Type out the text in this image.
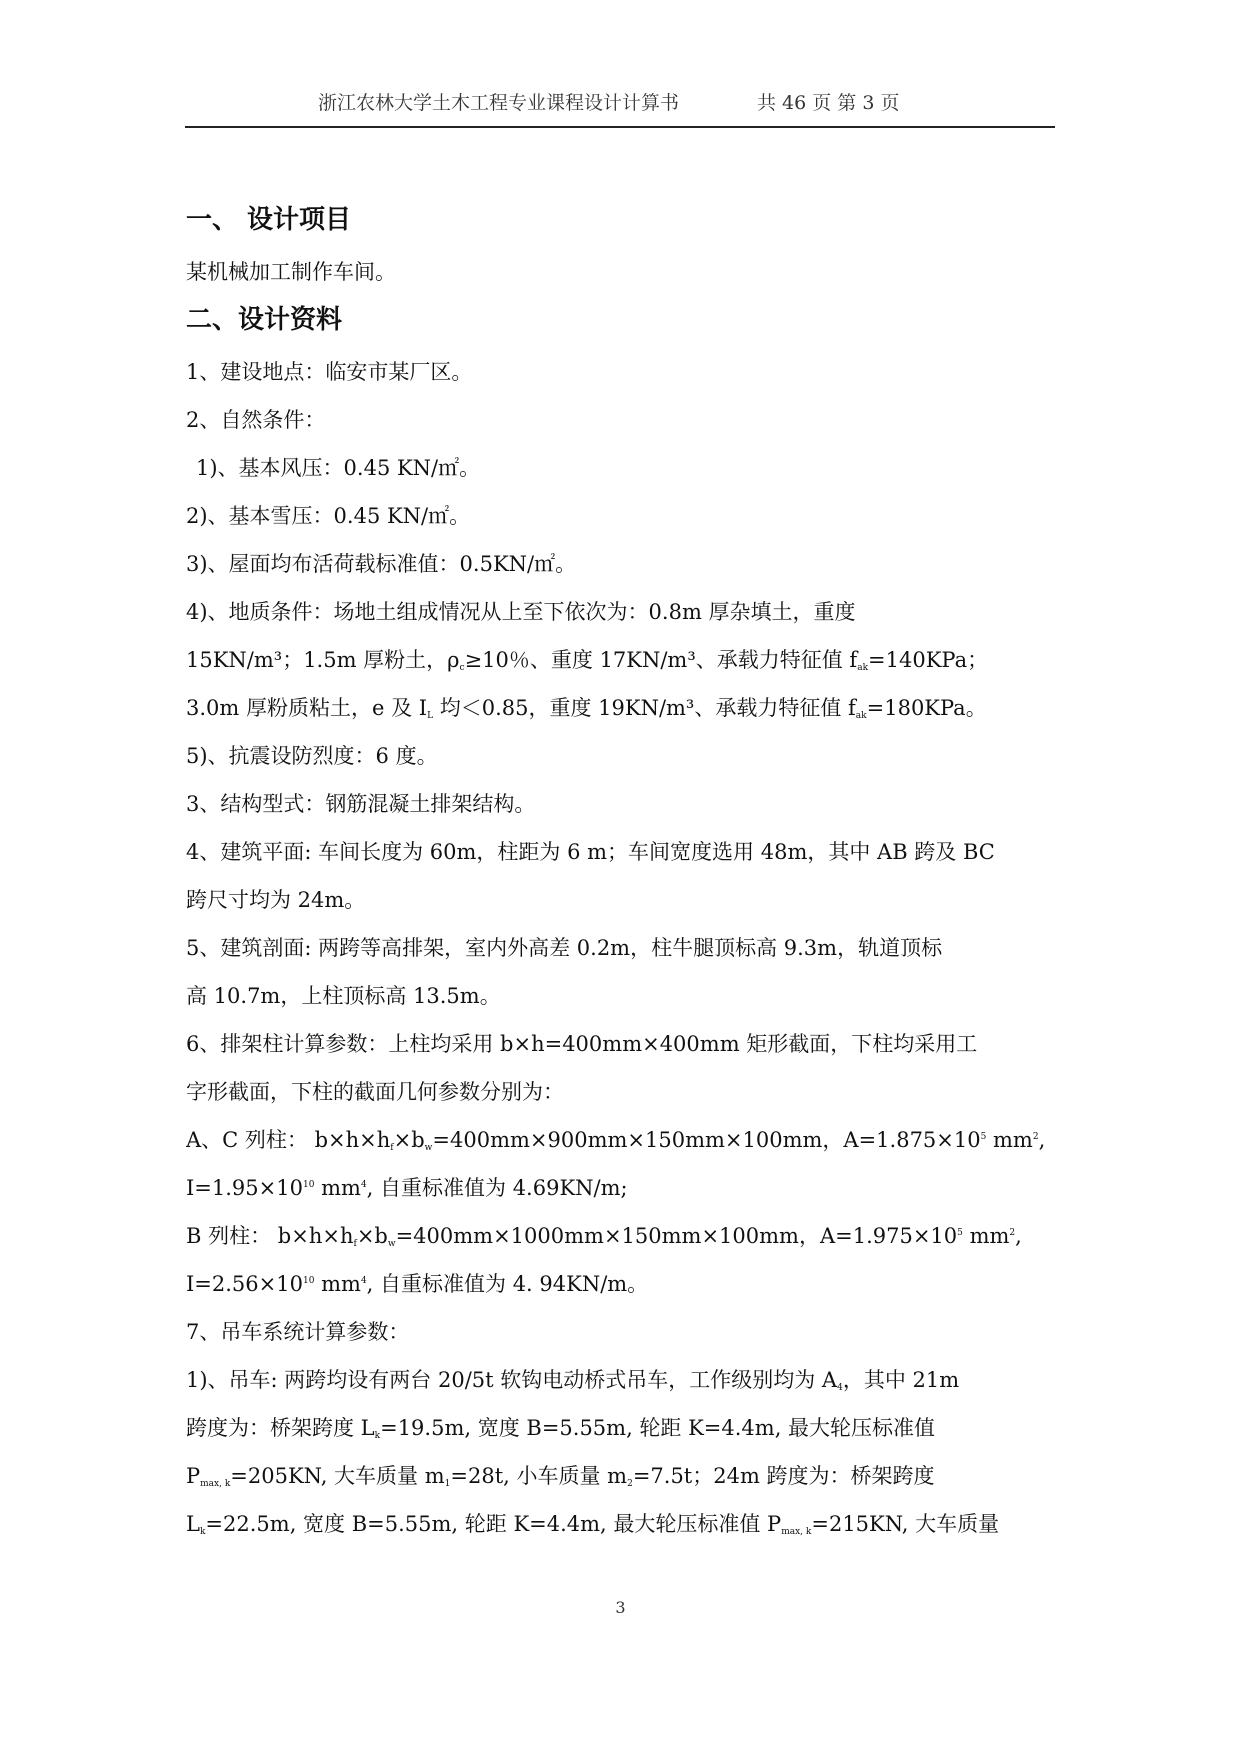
浙江农林大学土木工程专业课程设计计算书	共 46 页 第 3 页
一、 设计项目
某机械加工制作车间。
二、设计资料
1、建设地点：临安市某厂区。
2、自然条件：
1)、基本风压：0.45 KN/㎡。
2)、基本雪压：0.45 KN/㎡。
3)、屋面均布活荷载标准值：0.5KN/㎡。
4)、地质条件：场地土组成情况从上至下依次为：0.8m 厚杂填土，重度
15KN/m³；1.5m 厚粉土，$\rho_c\ge 10$％、重度 17KN/m³、承载力特征值 $f_{ak}=140KPa$；
3.0m 厚粉质粘土，e 及 $I_L$ 均＜0.85，重度 19KN/m³、承载力特征值 $f_{ak}=180KPa$。
5)、抗震设防烈度：6 度。
3、结构型式：钢筋混凝土排架结构。
4、建筑平面: 车间长度为 60m，柱距为 6 m；车间宽度选用 48m，其中 AB 跨及 BC
跨尺寸均为 24m。
5、建筑剖面: 两跨等高排架，室内外高差 0.2m，柱牛腿顶标高 9.3m，轨道顶标
高 10.7m，上柱顶标高 13.5m。
6、排架柱计算参数：上柱均采用 b×h=400mm×400mm 矩形截面，下柱均采用工
字形截面，下柱的截面几何参数分别为：
A、C 列柱： $b\times h\times h_f\times b_w=400mm\times 900mm\times 150mm\times 100mm$，$A=1.875\times 10^5$ $mm^2$,
$I=1.95\times 10^{10}$ $mm^4$, 自重标准值为 4.69KN/m;
B 列柱： $b\times h\times h_f\times b_w=400mm\times 1000mm\times 150mm\times 100mm$，$A=1.975\times 10^5$ $mm^2$,
$I=2.56\times 10^{10}$ $mm^4$, 自重标准值为 4. 94KN/m。
7、吊车系统计算参数：
1)、吊车: 两跨均设有两台 20/5t 软钩电动桥式吊车，工作级别均为 $A_4$，其中 21m
跨度为：桥架跨度 $L_k=19.5m$, 宽度 B=5.55m, 轮距 K=4.4m, 最大轮压标准值
$P_{max, k}=205KN$, 大车质量 $m_1=28t$, 小车质量 $m_2=7.5t$；24m 跨度为：桥架跨度
$L_k=22.5m$, 宽度 B=5.55m, 轮距 K=4.4m, 最大轮压标准值 $P_{max, k}=215KN$, 大车质量
3
